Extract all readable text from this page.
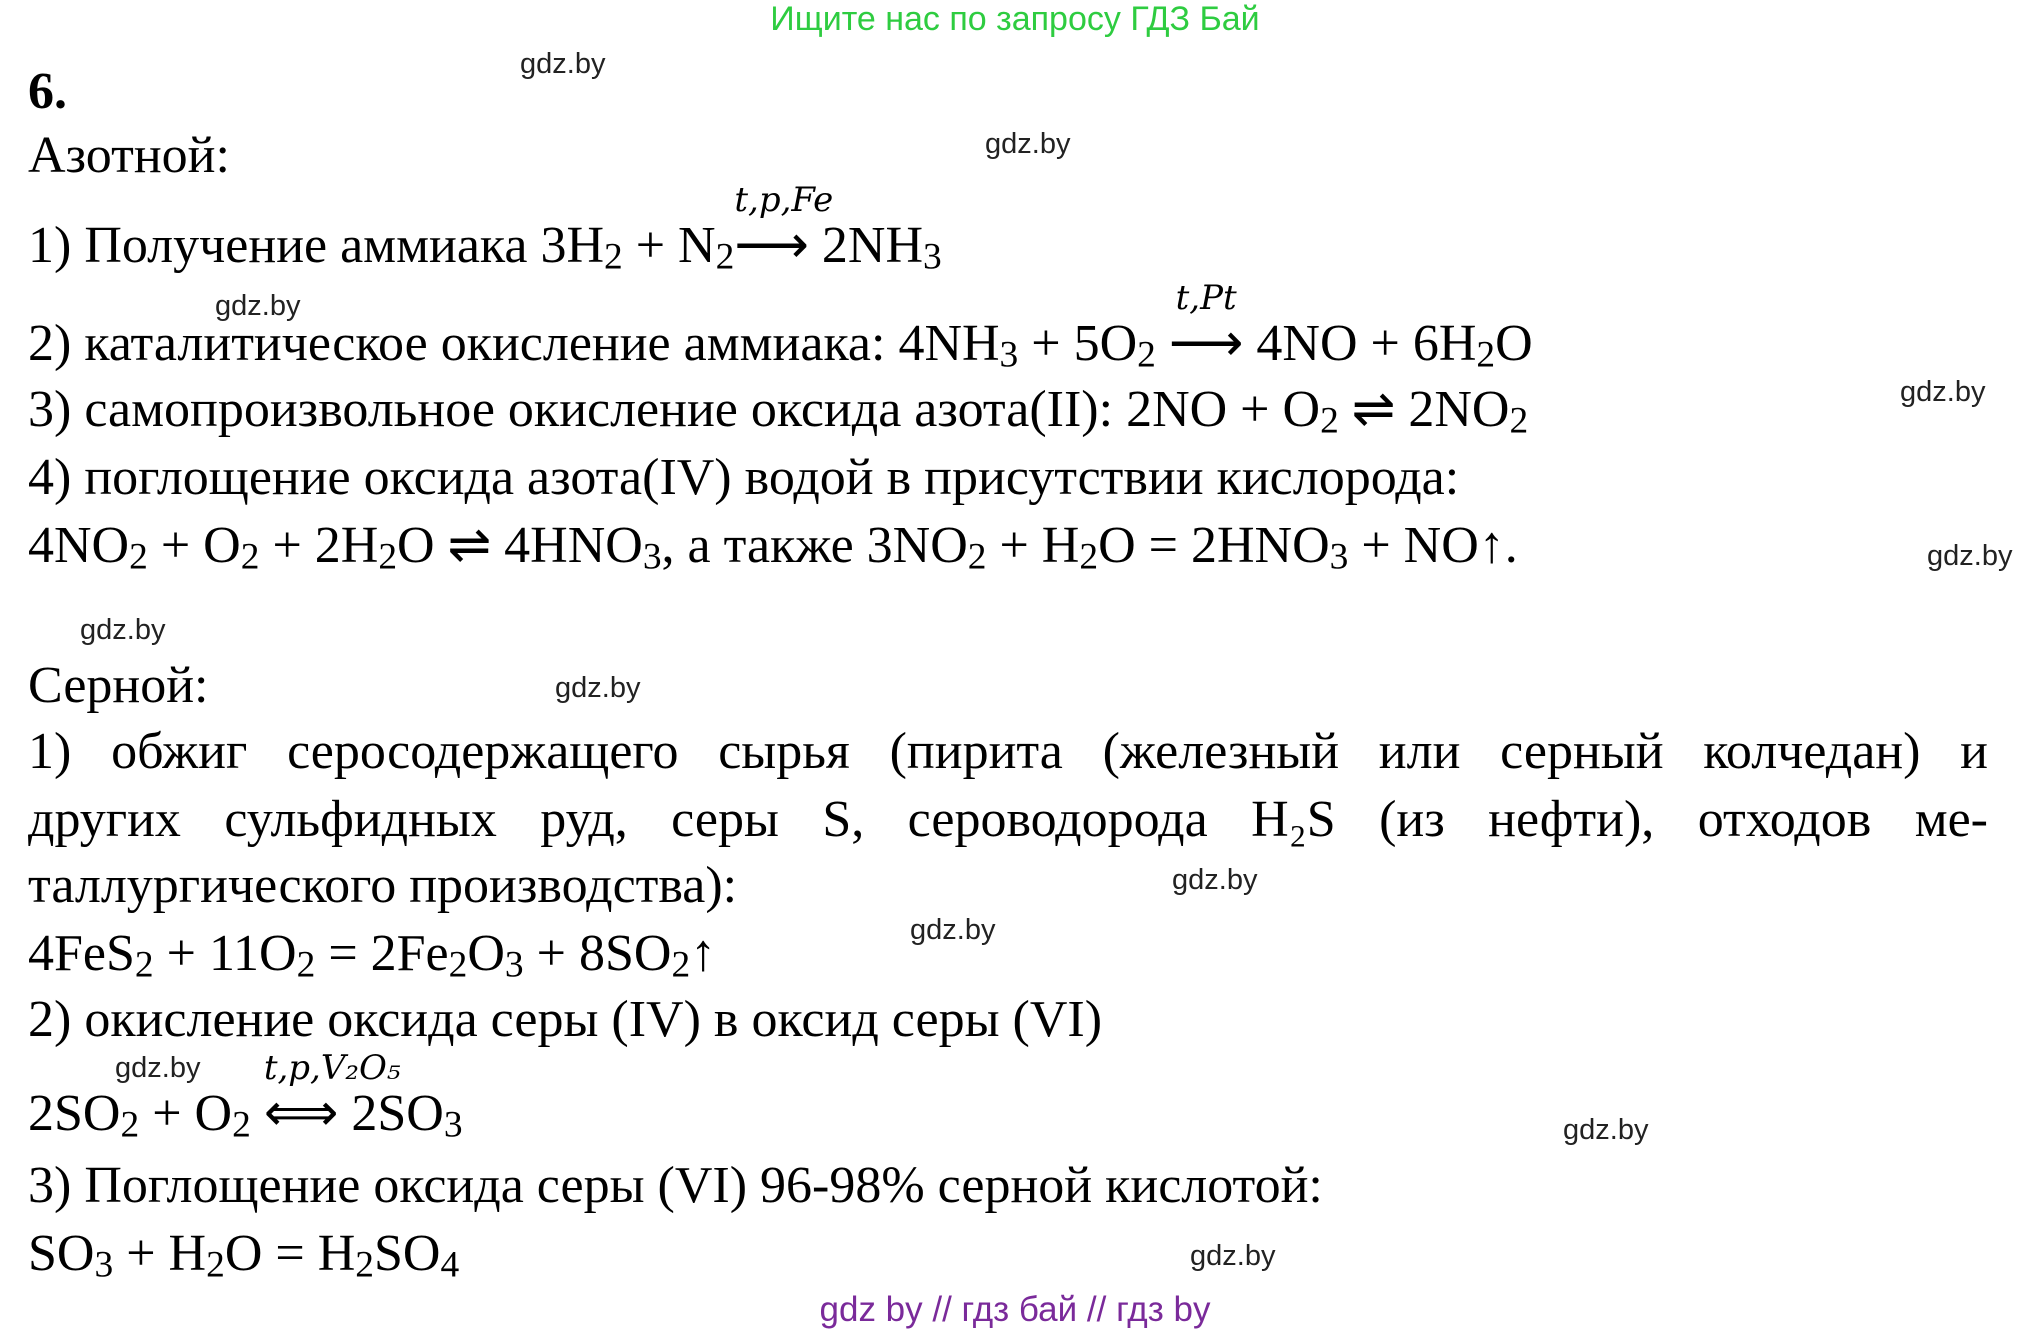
Ищите нас по запросу ГДЗ Бай
6.	gdz.by
gdz.by
gdz.by
gdz.by
gdz.by
gdz.by
gdz.by
gdz.by
gdz.by
gdz.by
gdz.by
gdz.by
Азотной:
1) Получение аммиака $3H_2 + N_2$
t,p,Fe
⟶ $2NH_3$
2) каталитическое окисление аммиака: $4NH_3 + 5O_2$
t,Pt
⟶ $4NO + 6H_2O$
3) самопроизвольное окисление оксида азота(II): $2NO + O_2$ ⇌ $2NO_2$
4) поглощение оксида азота(IV) водой в присутствии кислорода:
$4NO_2 + O_2 + 2H_2O$ ⇌ $4HNO_3$, а также $3NO_2 + H_2O = 2HNO_3$ + NO↑.
Серной:
1) обжиг серосодержащего сырья (пирита (железный или серный колчедан) и
других сульфидных руд, серы S, сероводорода H₂S (из нефти), отходов ме-
таллургического производства):
$4FeS_2 + 11O_2 = 2Fe_2O_3$ + $8SO_2↑$
2) окисление оксида серы (IV) в оксид серы (VI)
$2SO_2 + O_2$
t,p,V₂O₅
⟺ $2SO_3$
3) Поглощение оксида серы (VI) 96-98% серной кислотой:
$SO_3 + H_2O = H_2SO_4$
gdz by // гдз бай // гдз by
